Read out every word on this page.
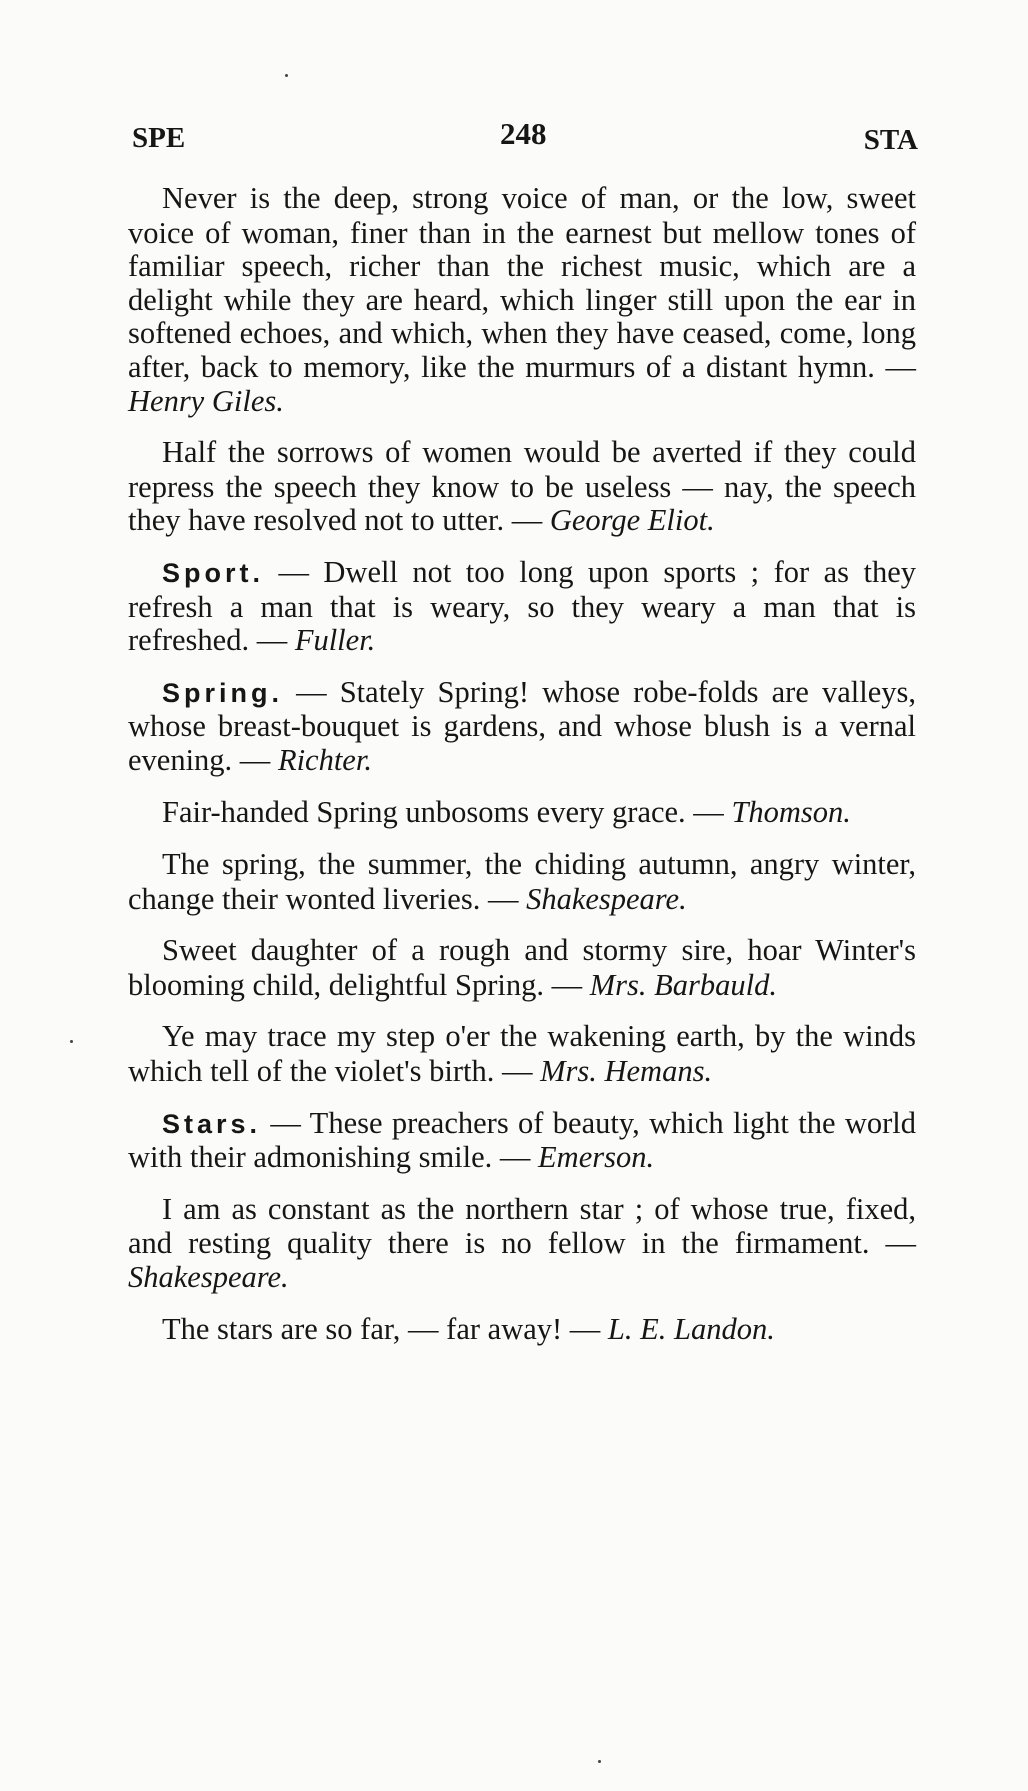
SPE	248	STA

Never is the deep, strong voice of man, or the low, sweet voice of woman, finer than in the earnest but mellow tones of familiar speech, richer than the richest music, which are a delight while they are heard, which linger still upon the ear in softened echoes, and which, when they have ceased, come, long after, back to memory, like the murmurs of a distant hymn. — Henry Giles.

Half the sorrows of women would be averted if they could repress the speech they know to be useless — nay, the speech they have resolved not to utter. — George Eliot.

Sport. — Dwell not too long upon sports ; for as they refresh a man that is weary, so they weary a man that is refreshed. — Fuller.

Spring. — Stately Spring! whose robe-folds are valleys, whose breast-bouquet is gardens, and whose blush is a vernal evening. — Richter.

Fair-handed Spring unbosoms every grace. — Thomson.

The spring, the summer, the chiding autumn, angry winter, change their wonted liveries. — Shakespeare.

Sweet daughter of a rough and stormy sire, hoar Winter's blooming child, delightful Spring. — Mrs. Barbauld.

Ye may trace my step o'er the wakening earth, by the winds which tell of the violet's birth. — Mrs. Hemans.

Stars. — These preachers of beauty, which light the world with their admonishing smile. — Emerson.

I am as constant as the northern star ; of whose true, fixed, and resting quality there is no fellow in the firmament. — Shakespeare.

The stars are so far, — far away! — L. E. Landon.
